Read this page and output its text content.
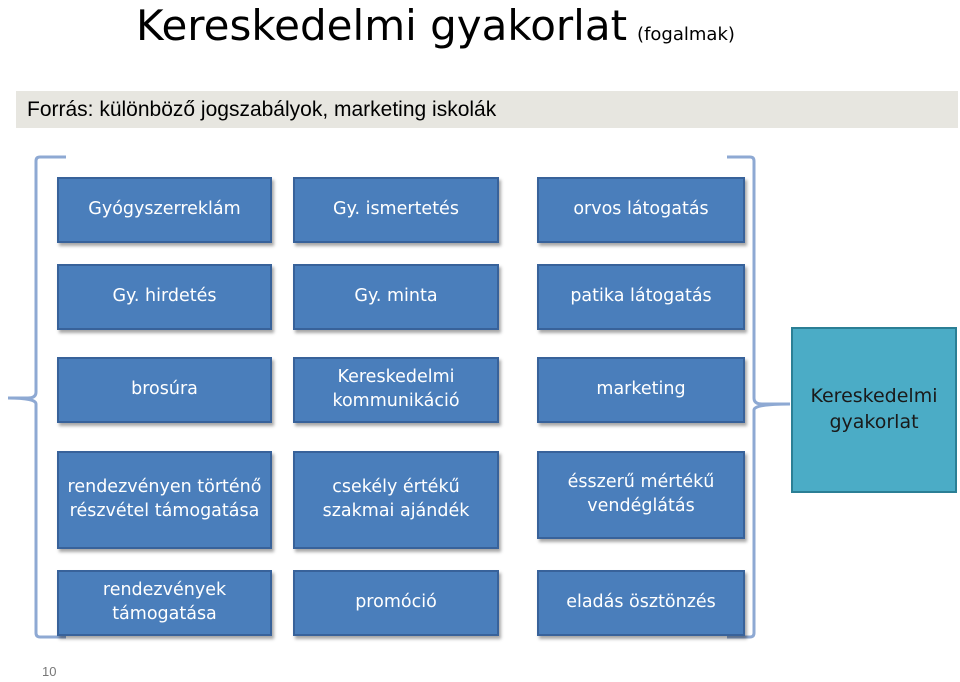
Kereskedelmi gyakorlat (fogalmak)
Forrás: különböző jogszabályok, marketing iskolák
Gyógyszerreklám	Gy. ismertetés	orvos látogatás
Gy. hirdetés	Gy. minta	patika látogatás
brosúra
Kereskedelmi kommunikáció
marketing
rendezvényen történő részvétel támogatása
csekély értékű szakmai ajándék
ésszerű mértékű vendéglátás
rendezvények támogatása
promóció	eladás ösztönzés
Kereskedelmi gyakorlat
10
